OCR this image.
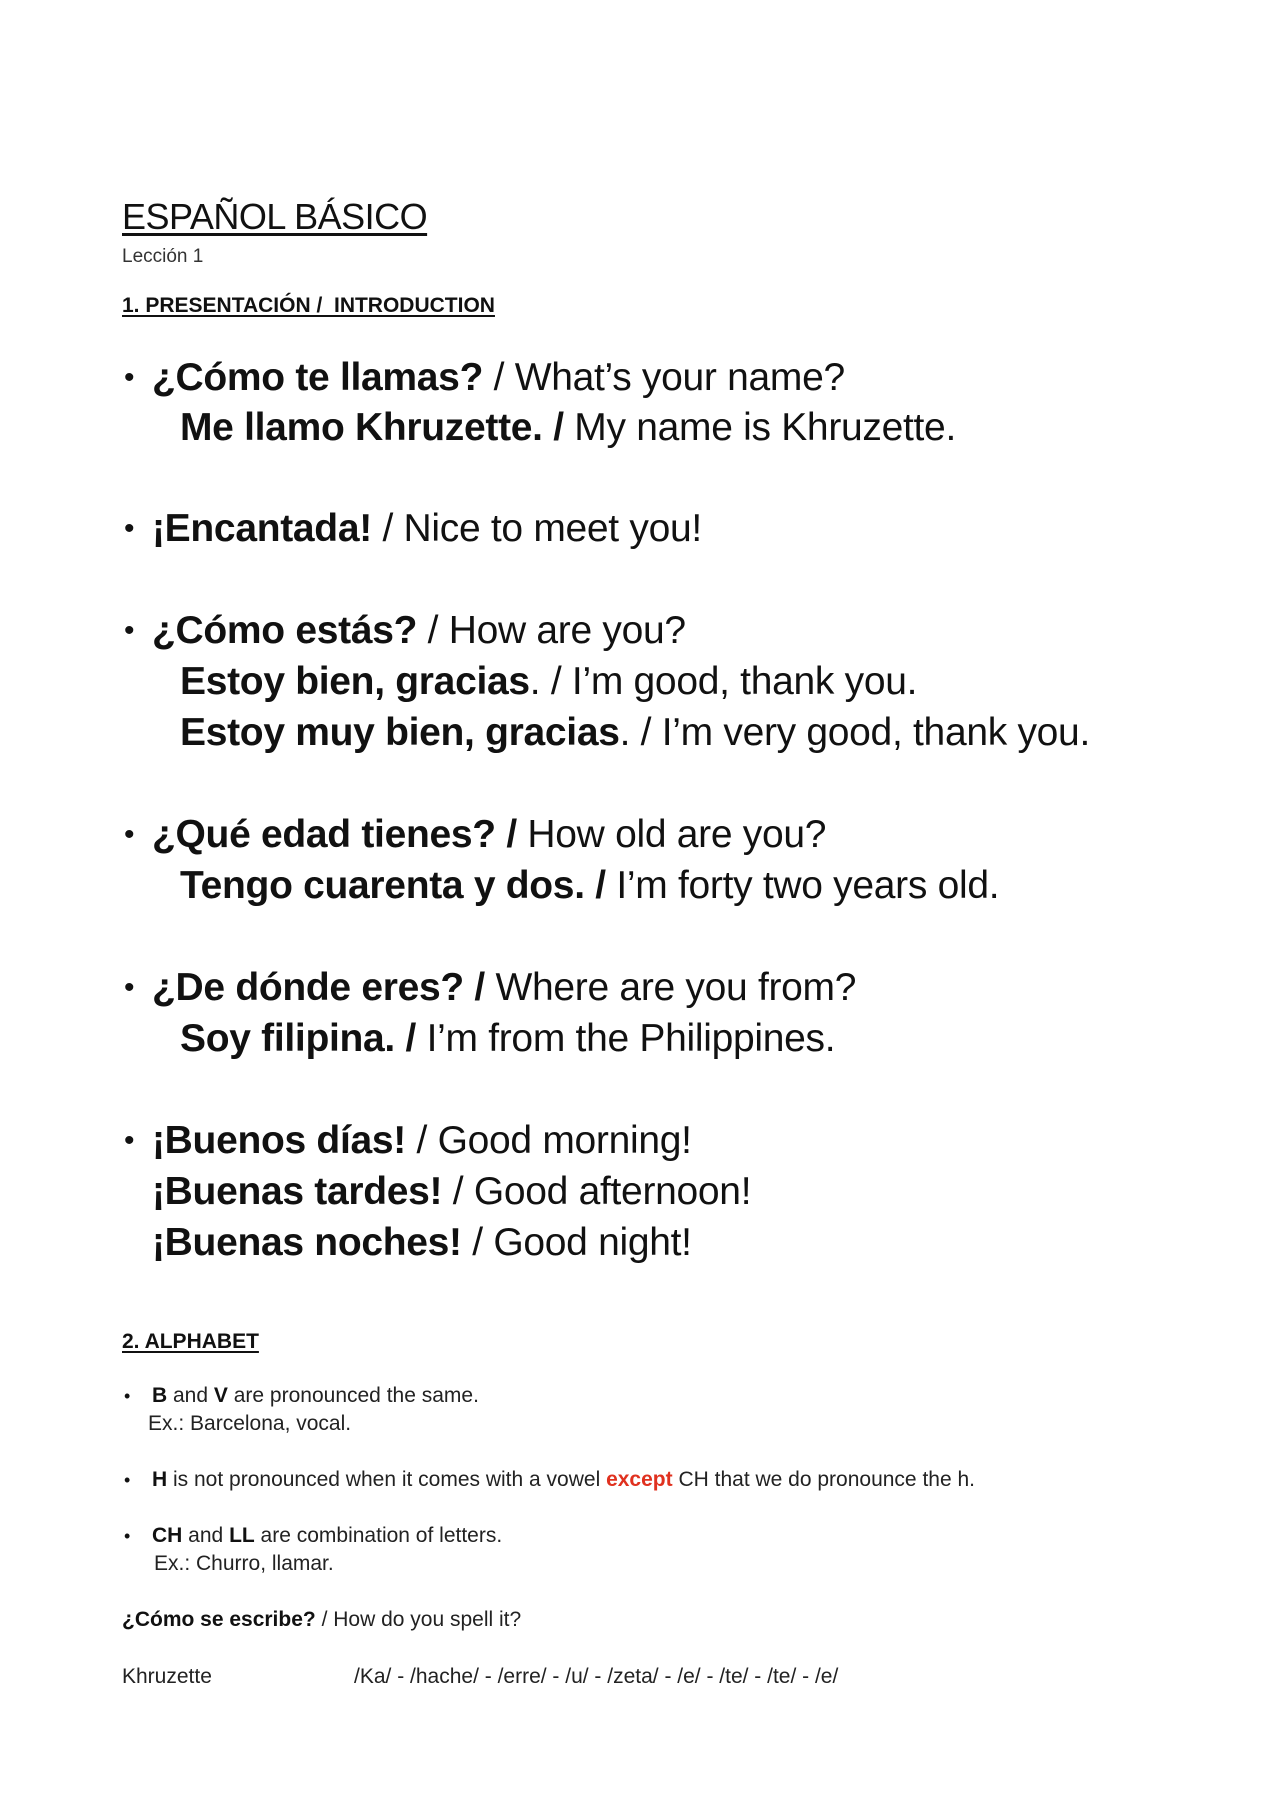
ESPAÑOL BÁSICO
Lección 1
1. PRESENTACIÓN /  INTRODUCTION
• ¿Cómo te llamas? / What’s your name?
Me llamo Khruzette. / My name is Khruzette.
• ¡Encantada! / Nice to meet you!
• ¿Cómo estás? / How are you?
Estoy bien, gracias. / I’m good, thank you.
Estoy muy bien, gracias. / I’m very good, thank you.
• ¿Qué edad tienes? / How old are you?
Tengo cuarenta y dos. / I’m forty two years old.
• ¿De dónde eres? / Where are you from?
Soy filipina. / I’m from the Philippines.
• ¡Buenos días! / Good morning!
¡Buenas tardes! / Good afternoon!
¡Buenas noches! / Good night!
2. ALPHABET
• B and V are pronounced the same.
Ex.: Barcelona, vocal.
• H is not pronounced when it comes with a vowel except CH that we do pronounce the h.
• CH and LL are combination of letters.
Ex.: Churro, llamar.
¿Cómo se escribe? / How do you spell it?
Khruzette	/Ka/ - /hache/ - /erre/ - /u/ - /zeta/ - /e/ - /te/ - /te/ - /e/
